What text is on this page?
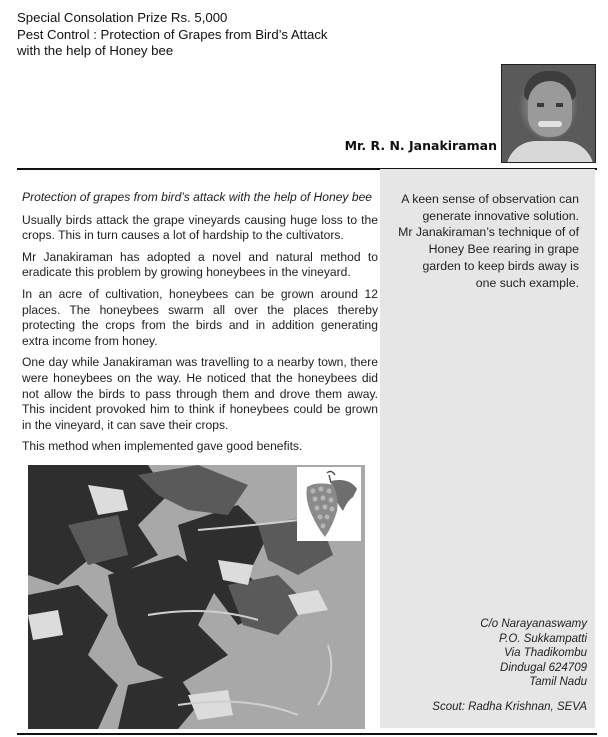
Special Consolation Prize Rs. 5,000
Pest Control : Protection of Grapes from Bird’s Attack
with the help of Honey bee
Mr. R. N. Janakiraman
A keen sense of observation can
generate innovative solution.
Mr Janakiraman’s technique of of
Honey Bee rearing in grape
garden to keep birds away is
one such example.
C/o Narayanaswamy
P.O. Sukkampatti
Via Thadikombu
Dindugal 624709
Tamil Nadu
Scout: Radha Krishnan, SEVA
Protection of grapes from bird’s attack with the help of Honey bee

Usually birds attack the grape vineyards causing huge loss to the crops. This in turn causes a lot of hardship to the cultivators.

Mr Janakiraman has adopted a novel and natural method to eradicate this problem by growing honeybees in the vineyard.

In an acre of cultivation, honeybees can be grown around 12 places. The honeybees swarm all over the places thereby protecting the crops from the birds and in addition generating extra income from honey.

One day while Janakiraman was travelling to a nearby town, there were honeybees on the way. He noticed that the honeybees did not allow the birds to pass through them and drove them away. This incident provoked him to think if honeybees could be grown in the vineyard, it can save their crops.

This method when implemented gave good benefits.
